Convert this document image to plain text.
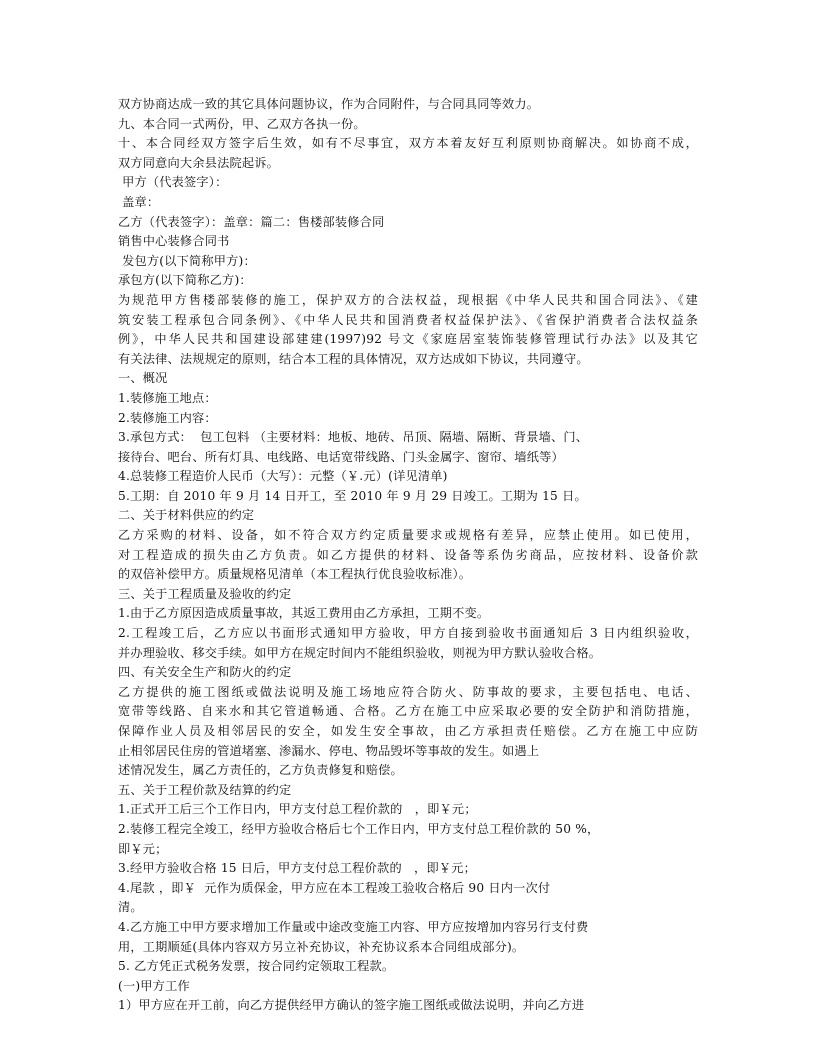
双方协商达成一致的其它具体问题协议，作为合同附件，与合同具同等效力。
九、本合同一式两份，甲、乙双方各执一份。
十、本合同经双方签字后生效，如有不尽事宜，双方本着友好互利原则协商解决。如协商不成，
双方同意向大余县法院起诉。
甲方（代表签字）：
盖章：
乙方（代表签字）：盖章：篇二：售楼部装修合同
销售中心装修合同书
发包方(以下简称甲方)：
承包方(以下简称乙方)：
为规范甲方售楼部装修的施工，保护双方的合法权益，现根据《中华人民共和国合同法》、《建
筑安装工程承包合同条例》、《中华人民共和国消费者权益保护法》、《省保护消费者合法权益条
例》，中华人民共和国建设部建建(1997)92 号文《家庭居室装饰装修管理试行办法》以及其它
有关法律、法规规定的原则，结合本工程的具体情况，双方达成如下协议，共同遵守。
一、概况
1.装修施工地点：
2.装修施工内容：
3.承包方式：  包工包料 （主要材料：地板、地砖、吊顶、隔墙、隔断、背景墙、门、
接待台、吧台、所有灯具、电线路、电话宽带线路、门头金属字、窗帘、墙纸等）
4.总装修工程造价人民币（大写）：元整（￥.元）(详见清单)
5.工期：自 2010 年 9 月 14 日开工，至 2010 年 9 月 29 日竣工。工期为 15 日。
二、关于材料供应的约定
乙方采购的材料、设备，如不符合双方约定质量要求或规格有差异，应禁止使用。如已使用，
对工程造成的损失由乙方负责。如乙方提供的材料、设备等系伪劣商品，应按材料、设备价款
的双倍补偿甲方。质量规格见清单（本工程执行优良验收标准）。
三、关于工程质量及验收的约定
1.由于乙方原因造成质量事故，其返工费用由乙方承担，工期不变。
2.工程竣工后，乙方应以书面形式通知甲方验收，甲方自接到验收书面通知后 3 日内组织验收，
并办理验收、移交手续。如甲方在规定时间内不能组织验收，则视为甲方默认验收合格。
四、有关安全生产和防火的约定
乙方提供的施工图纸或做法说明及施工场地应符合防火、防事故的要求，主要包括电、电话、
宽带等线路、自来水和其它管道畅通、合格。乙方在施工中应采取必要的安全防护和消防措施，
保障作业人员及相邻居民的安全，如发生安全事故，由乙方承担责任赔偿。乙方在施工中应防
止相邻居民住房的管道堵塞、渗漏水、停电、物品毁坏等事故的发生。如遇上
述情况发生，属乙方责任的，乙方负责修复和赔偿。
五、关于工程价款及结算的约定
1.正式开工后三个工作日内，甲方支付总工程价款的   ，即￥元；
2.装修工程完全竣工，经甲方验收合格后七个工作日内，甲方支付总工程价款的 50 %，
即￥元；
3.经甲方验收合格 15 日后，甲方支付总工程价款的   ，即￥元；
4.尾款 ，即￥  元作为质保金，甲方应在本工程竣工验收合格后 90 日内一次付
清。
4.乙方施工中甲方要求增加工作量或中途改变施工内容、甲方应按增加内容另行支付费
用，工期顺延(具体内容双方另立补充协议，补充协议系本合同组成部分)。
5. 乙方凭正式税务发票，按合同约定领取工程款。
(一)甲方工作
1）甲方应在开工前，向乙方提供经甲方确认的签字施工图纸或做法说明，并向乙方进
